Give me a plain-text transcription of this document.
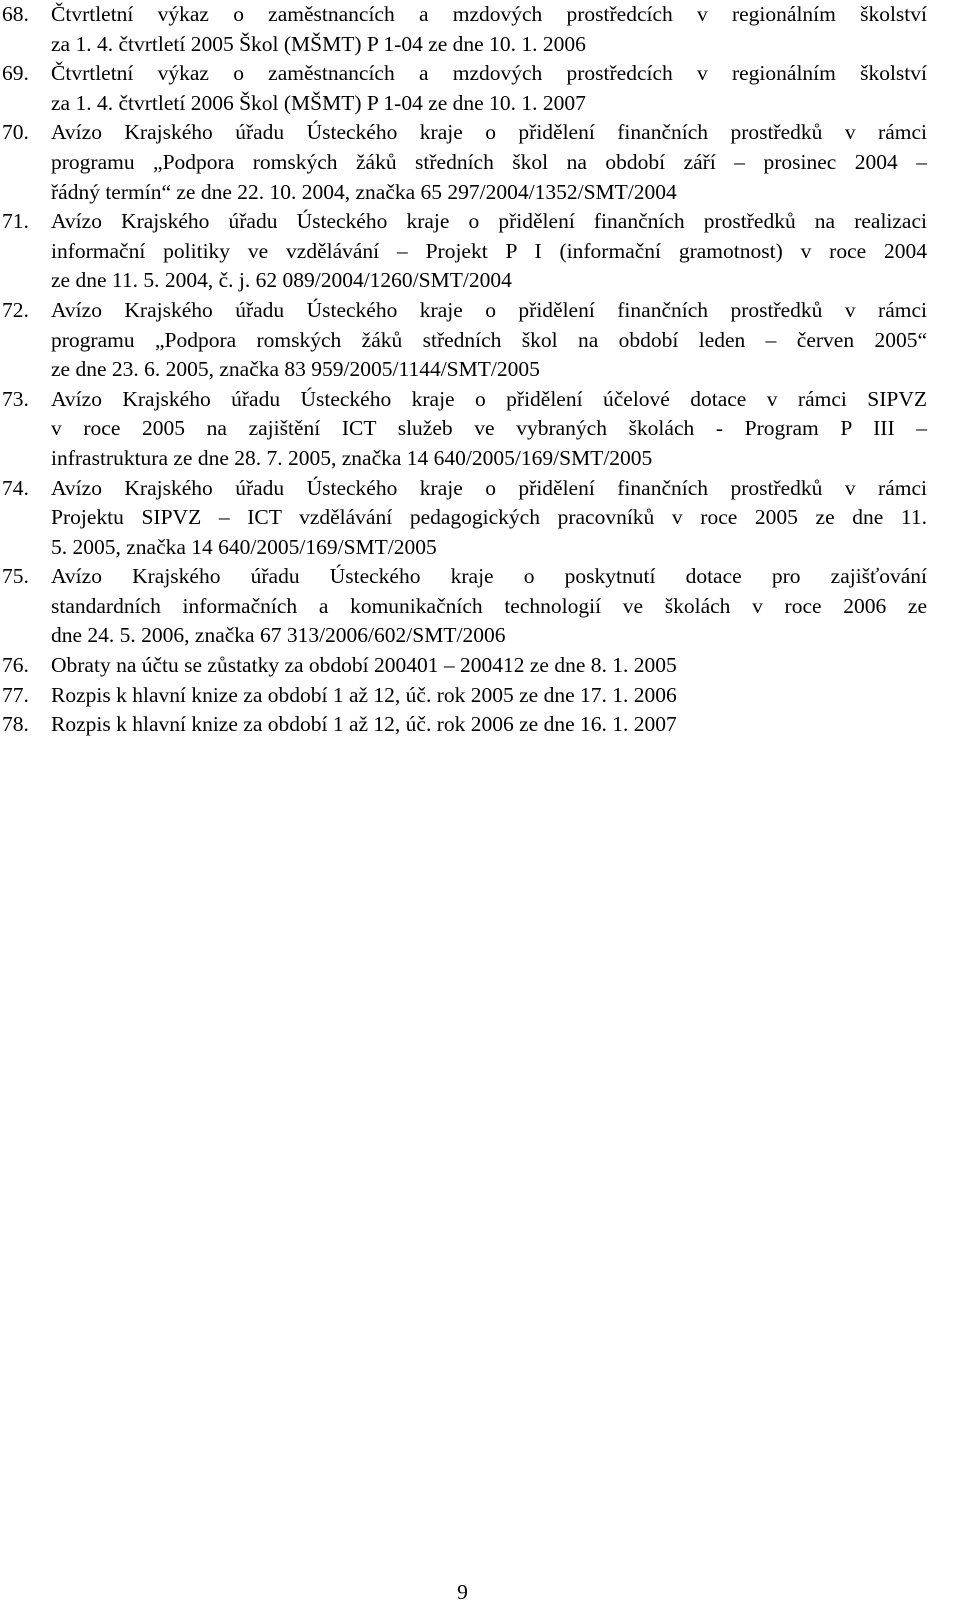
68. Čtvrtletní výkaz o zaměstnancích a mzdových prostředcích v regionálním školství
za 1. 4. čtvrtletí 2005 Škol (MŠMT) P 1-04 ze dne 10. 1. 2006
69. Čtvrtletní výkaz o zaměstnancích a mzdových prostředcích v regionálním školství
za 1. 4. čtvrtletí 2006 Škol (MŠMT) P 1-04 ze dne 10. 1. 2007
70. Avízo Krajského úřadu Ústeckého kraje o přidělení finančních prostředků v rámci
programu „Podpora romských žáků středních škol na období září – prosinec 2004 –
řádný termín“ ze dne 22. 10. 2004, značka 65 297/2004/1352/SMT/2004
71. Avízo Krajského úřadu Ústeckého kraje o přidělení finančních prostředků na realizaci
informační politiky ve vzdělávání – Projekt P I (informační gramotnost) v roce 2004
ze dne 11. 5. 2004, č. j. 62 089/2004/1260/SMT/2004
72. Avízo Krajského úřadu Ústeckého kraje o přidělení finančních prostředků v rámci
programu „Podpora romských žáků středních škol na období leden – červen 2005“
ze dne 23. 6. 2005, značka 83 959/2005/1144/SMT/2005
73. Avízo Krajského úřadu Ústeckého kraje o přidělení účelové dotace v rámci SIPVZ
v roce 2005 na zajištění ICT služeb ve vybraných školách - Program P III –
infrastruktura ze dne 28. 7. 2005, značka 14 640/2005/169/SMT/2005
74. Avízo Krajského úřadu Ústeckého kraje o přidělení finančních prostředků v rámci
Projektu SIPVZ – ICT vzdělávání pedagogických pracovníků v roce 2005 ze dne 11.
5. 2005, značka 14 640/2005/169/SMT/2005
75. Avízo Krajského úřadu Ústeckého kraje o poskytnutí dotace pro zajišťování
standardních informačních a komunikačních technologií ve školách v roce 2006 ze
dne 24. 5. 2006, značka 67 313/2006/602/SMT/2006
76. Obraty na účtu se zůstatky za období 200401 – 200412 ze dne 8. 1. 2005
77. Rozpis k hlavní knize za období 1 až 12, úč. rok 2005 ze dne 17. 1. 2006
78. Rozpis k hlavní knize za období 1 až 12, úč. rok 2006 ze dne 16. 1. 2007
9
